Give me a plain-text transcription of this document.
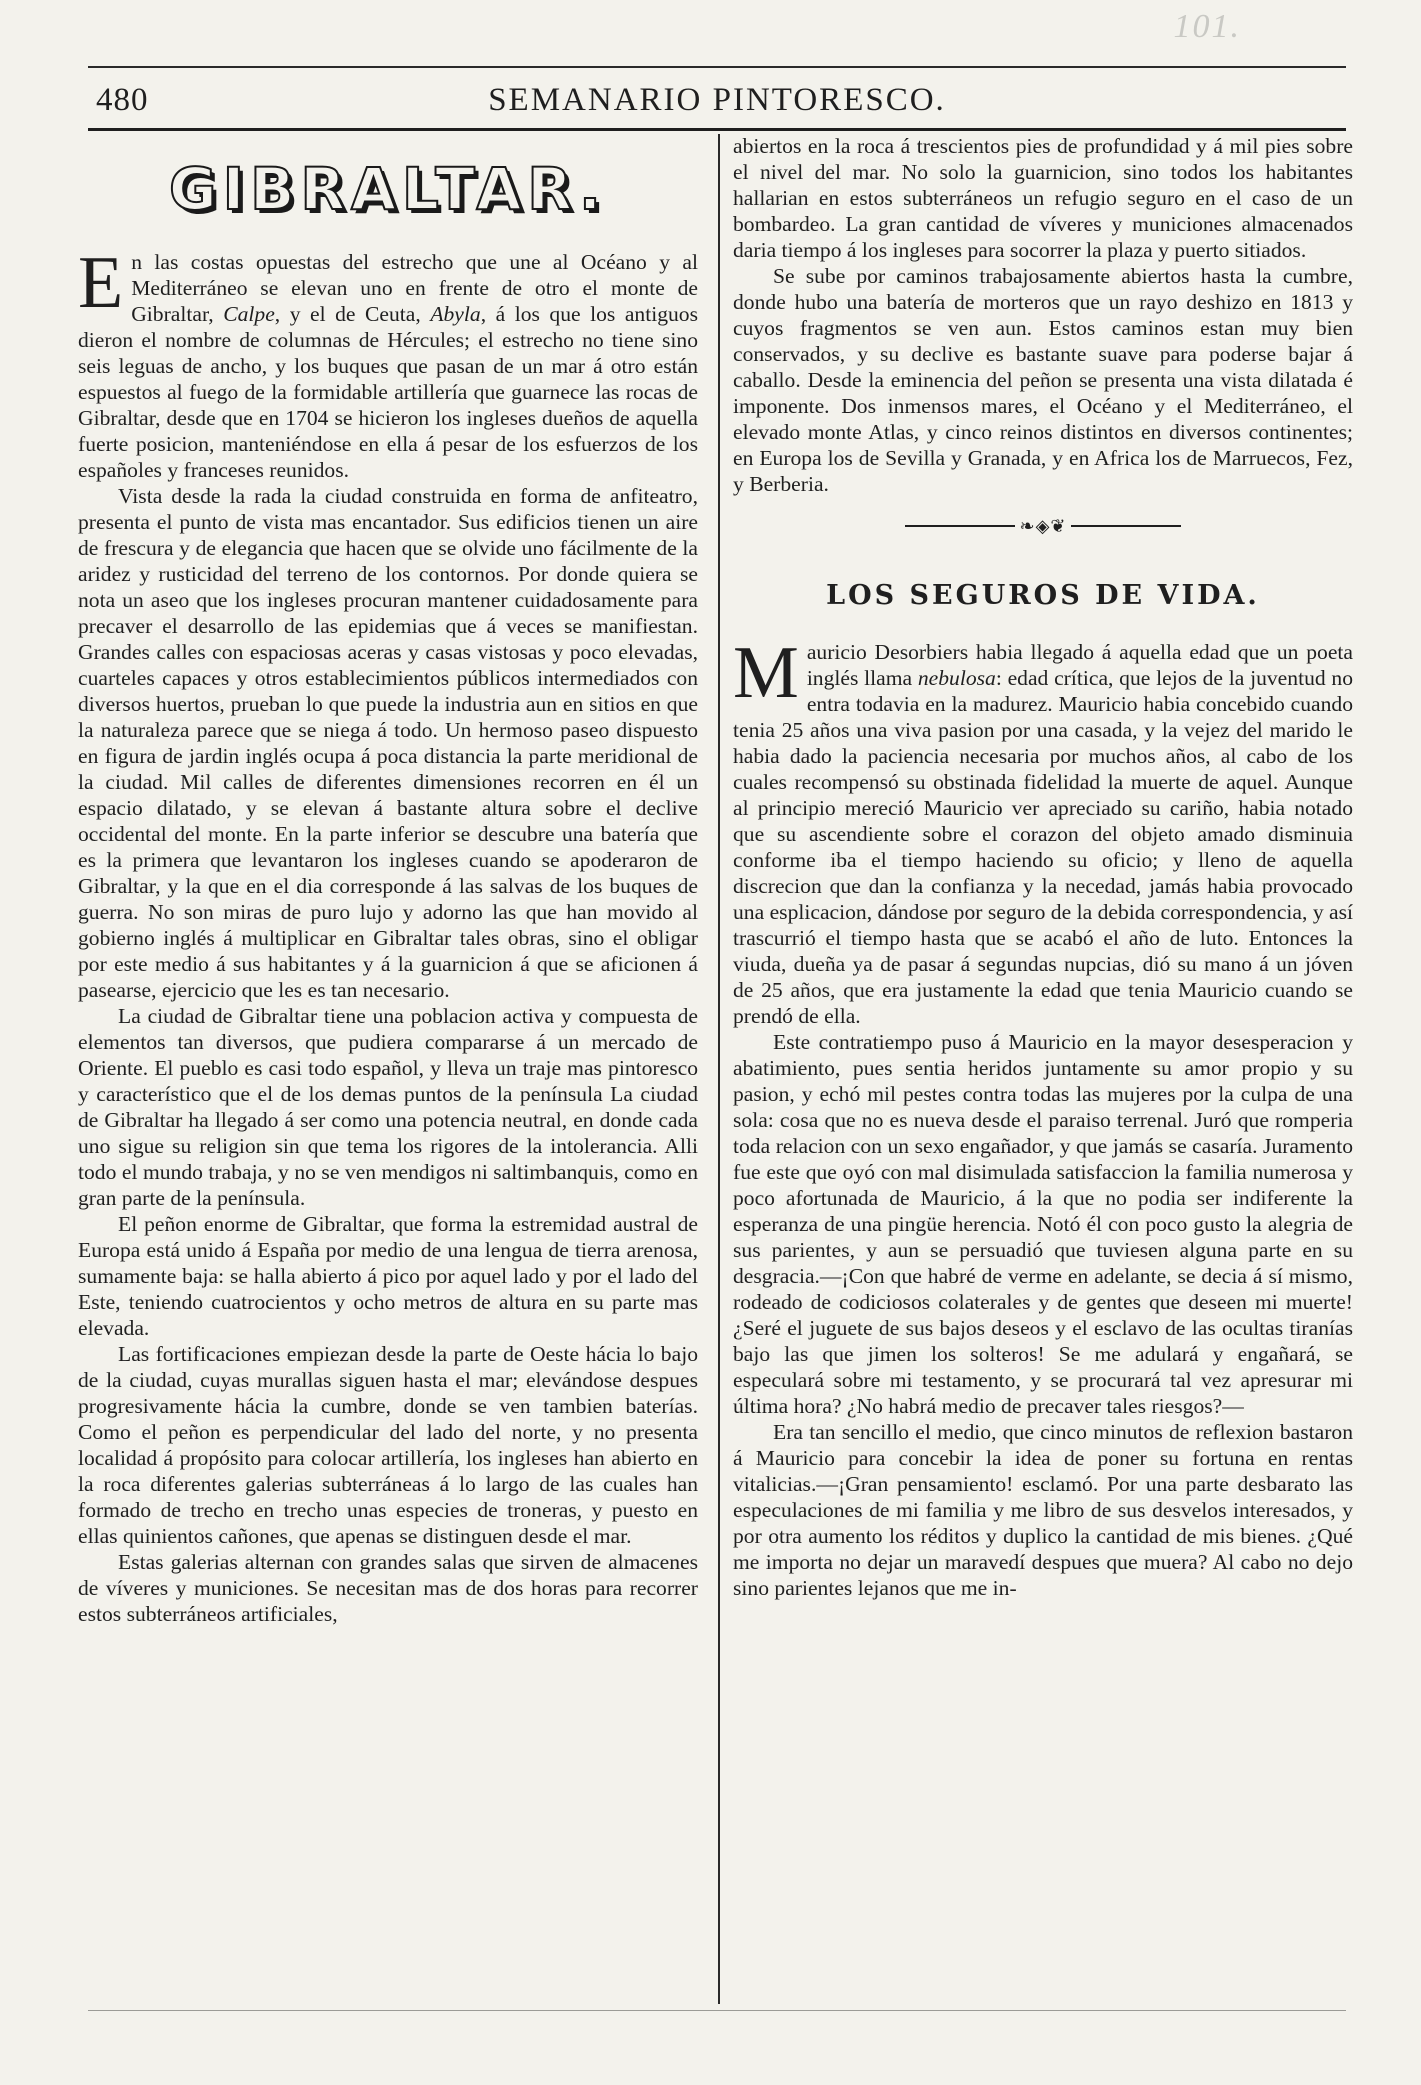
101.
480	SEMANARIO PINTORESCO.
GIBRALTAR.

En las costas opuestas del estrecho que une al Océano y al Mediterráneo se elevan uno en frente de otro el monte de Gibraltar, Calpe, y el de Ceuta, Abyla, á los que los antiguos dieron el nombre de columnas de Hércules; el estrecho no tiene sino seis leguas de ancho, y los buques que pasan de un mar á otro están espuestos al fuego de la formidable artillería que guarnece las rocas de Gibraltar, desde que en 1704 se hicieron los ingleses dueños de aquella fuerte posicion, manteniéndose en ella á pesar de los esfuerzos de los españoles y franceses reunidos.

Vista desde la rada la ciudad construida en forma de anfiteatro, presenta el punto de vista mas encantador. Sus edificios tienen un aire de frescura y de elegancia que hacen que se olvide uno fácilmente de la aridez y rusticidad del terreno de los contornos. Por donde quiera se nota un aseo que los ingleses procuran mantener cuidadosamente para precaver el desarrollo de las epidemias que á veces se manifiestan. Grandes calles con espaciosas aceras y casas vistosas y poco elevadas, cuarteles capaces y otros establecimientos públicos intermediados con diversos huertos, prueban lo que puede la industria aun en sitios en que la naturaleza parece que se niega á todo. Un hermoso paseo dispuesto en figura de jardin inglés ocupa á poca distancia la parte meridional de la ciudad. Mil calles de diferentes dimensiones recorren en él un espacio dilatado, y se elevan á bastante altura sobre el declive occidental del monte. En la parte inferior se descubre una batería que es la primera que levantaron los ingleses cuando se apoderaron de Gibraltar, y la que en el dia corresponde á las salvas de los buques de guerra. No son miras de puro lujo y adorno las que han movido al gobierno inglés á multiplicar en Gibraltar tales obras, sino el obligar por este medio á sus habitantes y á la guarnicion á que se aficionen á pasearse, ejercicio que les es tan necesario.

La ciudad de Gibraltar tiene una poblacion activa y compuesta de elementos tan diversos, que pudiera compararse á un mercado de Oriente. El pueblo es casi todo español, y lleva un traje mas pintoresco y característico que el de los demas puntos de la península La ciudad de Gibraltar ha llegado á ser como una potencia neutral, en donde cada uno sigue su religion sin que tema los rigores de la intolerancia. Alli todo el mundo trabaja, y no se ven mendigos ni saltimbanquis, como en gran parte de la península.

El peñon enorme de Gibraltar, que forma la estremidad austral de Europa está unido á España por medio de una lengua de tierra arenosa, sumamente baja: se halla abierto á pico por aquel lado y por el lado del Este, teniendo cuatrocientos y ocho metros de altura en su parte mas elevada.

Las fortificaciones empiezan desde la parte de Oeste hácia lo bajo de la ciudad, cuyas murallas siguen hasta el mar; elevándose despues progresivamente hácia la cumbre, donde se ven tambien baterías. Como el peñon es perpendicular del lado del norte, y no presenta localidad á propósito para colocar artillería, los ingleses han abierto en la roca diferentes galerias subterráneas á lo largo de las cuales han formado de trecho en trecho unas especies de troneras, y puesto en ellas quinientos cañones, que apenas se distinguen desde el mar.

Estas galerias alternan con grandes salas que sirven de almacenes de víveres y municiones. Se necesitan mas de dos horas para recorrer estos subterráneos artificiales,

abiertos en la roca á trescientos pies de profundidad y á mil pies sobre el nivel del mar. No solo la guarnicion, sino todos los habitantes hallarian en estos subterráneos un refugio seguro en el caso de un bombardeo. La gran cantidad de víveres y municiones almacenados daria tiempo á los ingleses para socorrer la plaza y puerto sitiados.

Se sube por caminos trabajosamente abiertos hasta la cumbre, donde hubo una batería de morteros que un rayo deshizo en 1813 y cuyos fragmentos se ven aun. Estos caminos estan muy bien conservados, y su declive es bastante suave para poderse bajar á caballo. Desde la eminencia del peñon se presenta una vista dilatada é imponente. Dos inmensos mares, el Océano y el Mediterráneo, el elevado monte Atlas, y cinco reinos distintos en diversos continentes; en Europa los de Sevilla y Granada, y en Africa los de Marruecos, Fez, y Berberia.

❧◈❦
LOS SEGUROS DE VIDA.

Mauricio Desorbiers habia llegado á aquella edad que un poeta inglés llama nebulosa: edad crítica, que lejos de la juventud no entra todavia en la madurez. Mauricio habia concebido cuando tenia 25 años una viva pasion por una casada, y la vejez del marido le habia dado la paciencia necesaria por muchos años, al cabo de los cuales recompensó su obstinada fidelidad la muerte de aquel. Aunque al principio mereció Mauricio ver apreciado su cariño, habia notado que su ascendiente sobre el corazon del objeto amado disminuia conforme iba el tiempo haciendo su oficio; y lleno de aquella discrecion que dan la confianza y la necedad, jamás habia provocado una esplicacion, dándose por seguro de la debida correspondencia, y así trascurrió el tiempo hasta que se acabó el año de luto. Entonces la viuda, dueña ya de pasar á segundas nupcias, dió su mano á un jóven de 25 años, que era justamente la edad que tenia Mauricio cuando se prendó de ella.

Este contratiempo puso á Mauricio en la mayor desesperacion y abatimiento, pues sentia heridos juntamente su amor propio y su pasion, y echó mil pestes contra todas las mujeres por la culpa de una sola: cosa que no es nueva desde el paraiso terrenal. Juró que romperia toda relacion con un sexo engañador, y que jamás se casaría. Juramento fue este que oyó con mal disimulada satisfaccion la familia numerosa y poco afortunada de Mauricio, á la que no podia ser indiferente la esperanza de una pingüe herencia. Notó él con poco gusto la alegria de sus parientes, y aun se persuadió que tuviesen alguna parte en su desgracia.—¡Con que habré de verme en adelante, se decia á sí mismo, rodeado de codiciosos colaterales y de gentes que deseen mi muerte! ¿Seré el juguete de sus bajos deseos y el esclavo de las ocultas tiranías bajo las que jimen los solteros! Se me adulará y engañará, se especulará sobre mi testamento, y se procurará tal vez apresurar mi última hora? ¿No habrá medio de precaver tales riesgos?—

Era tan sencillo el medio, que cinco minutos de reflexion bastaron á Mauricio para concebir la idea de poner su fortuna en rentas vitalicias.—¡Gran pensamiento! esclamó. Por una parte desbarato las especulaciones de mi familia y me libro de sus desvelos interesados, y por otra aumento los réditos y duplico la cantidad de mis bienes. ¿Qué me importa no dejar un maravedí despues que muera? Al cabo no dejo sino parientes lejanos que me in-
